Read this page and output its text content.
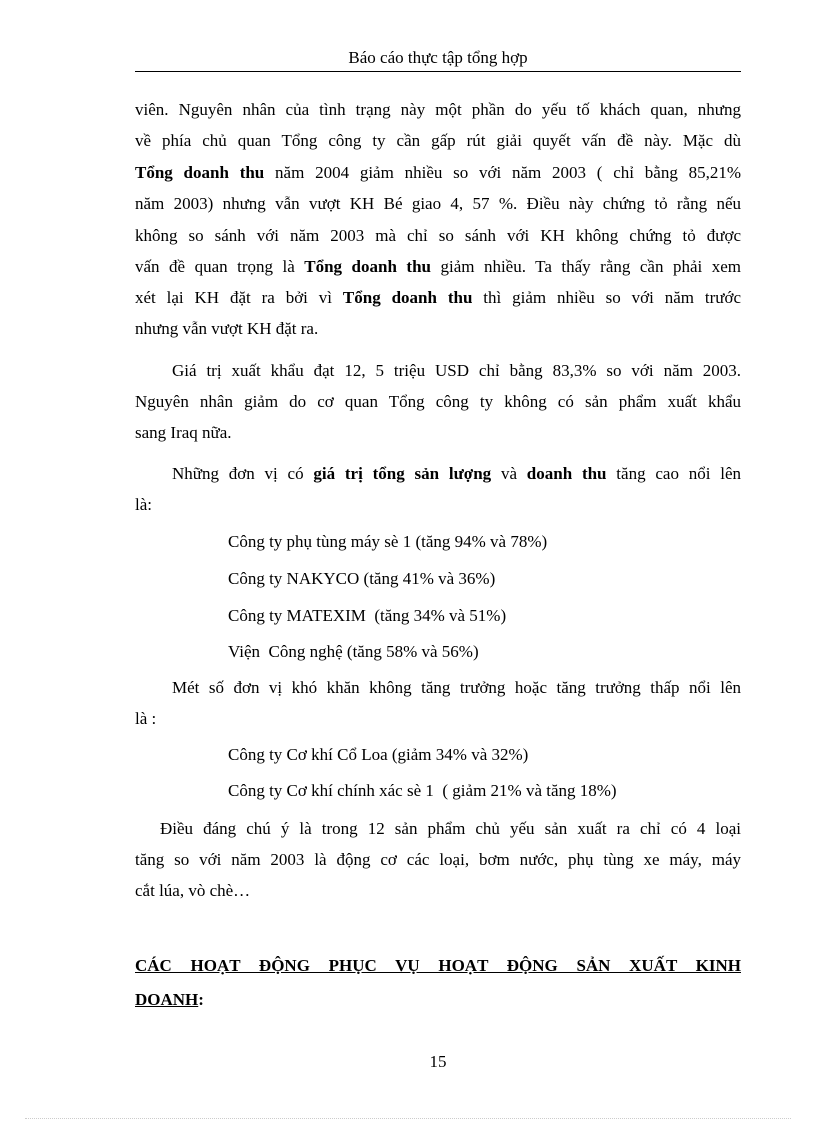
Báo cáo thực tập tổng hợp
viên. Nguyên nhân của tình trạng này một phần do yếu tố khách quan, nhưng
về phía chủ quan Tổng công ty cần gấp rút giải quyết vấn đề này. Mặc dù
Tổng doanh thu năm 2004 giảm nhiều so với năm 2003 ( chỉ bằng 85,21%
năm 2003) nhưng vẫn vượt KH Bé giao 4, 57 %. Điều này chứng tỏ rằng nếu
không so sánh với năm 2003 mà chỉ so sánh với KH không chứng tỏ được
vấn đề quan trọng là Tổng doanh thu giảm nhiều. Ta thấy rằng cần phải xem
xét lại KH đặt ra bởi vì Tổng doanh thu thì giảm nhiều so với năm trước
nhưng vẫn vượt KH đặt ra.
Giá trị xuất khẩu đạt 12, 5 triệu USD chỉ bằng 83,3% so với năm 2003.
Nguyên nhân giảm do cơ quan Tổng công ty không có sản phẩm xuất khẩu
sang Iraq nữa.
Những đơn vị có giá trị tổng sản lượng và doanh thu tăng cao nổi lên
là:
Công ty phụ tùng máy sè 1 (tăng 94% và 78%)
Công ty NAKYCO (tăng 41% và 36%)
Công ty MATEXIM  (tăng 34% và 51%)
Viện  Công nghệ (tăng 58% và 56%)
Mét số đơn vị khó khăn không tăng trưởng hoặc tăng trưởng thấp nổi lên
là :
Công ty Cơ khí Cổ Loa (giảm 34% và 32%)
Công ty Cơ khí chính xác sè 1  ( giảm 21% và tăng 18%)
Điều đáng chú ý là trong 12 sản phẩm chủ yếu sản xuất ra chỉ có 4 loại
tăng so với năm 2003 là động cơ các loại, bơm nước, phụ tùng xe máy, máy
cắt lúa, vò chè…
CÁC HOẠT ĐỘNG PHỤC VỤ HOẠT ĐỘNG SẢN XUẤT KINH
DOANH:
15
